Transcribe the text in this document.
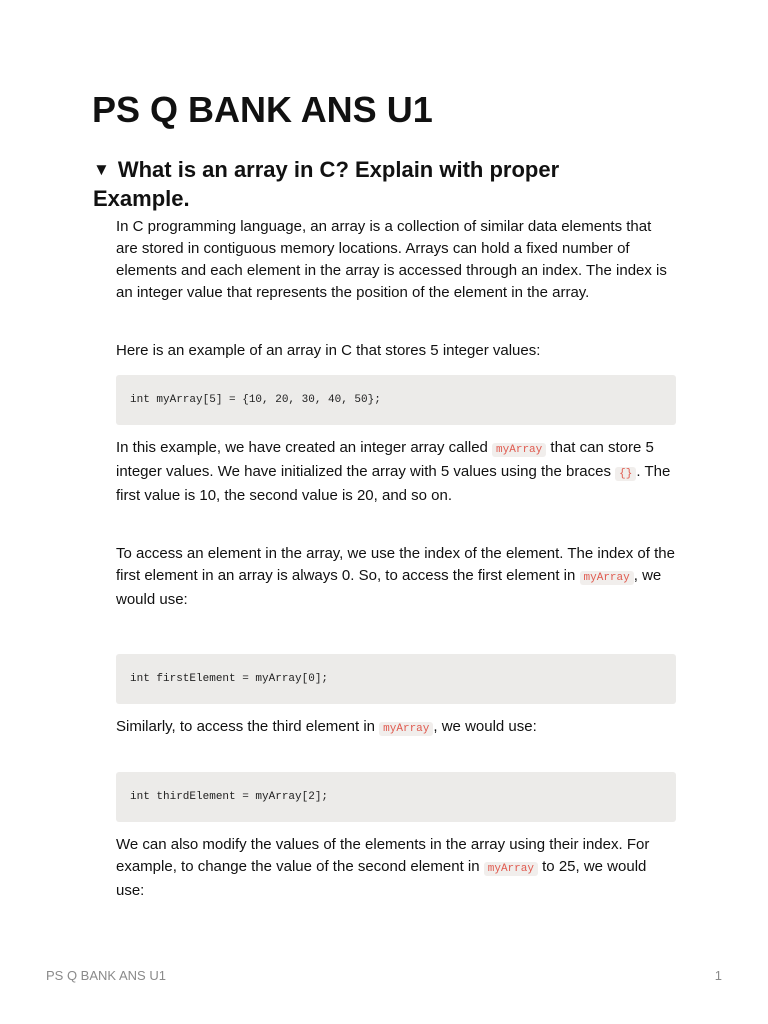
PS Q BANK ANS U1
▼ What is an array in C? Explain with proper Example.

In C programming language, an array is a collection of similar data elements that are stored in contiguous memory locations. Arrays can hold a fixed number of elements and each element in the array is accessed through an index. The index is an integer value that represents the position of the element in the array.

Here is an example of an array in C that stores 5 integer values:

int myArray[5] = {10, 20, 30, 40, 50};

In this example, we have created an integer array called myArray that can store 5 integer values. We have initialized the array with 5 values using the braces {} . The first value is 10, the second value is 20, and so on.

To access an element in the array, we use the index of the element. The index of the first element in an array is always 0. So, to access the first element in myArray , we would use:

int firstElement = myArray[0];

Similarly, to access the third element in myArray , we would use:

int thirdElement = myArray[2];

We can also modify the values of the elements in the array using their index. For example, to change the value of the second element in myArray to 25, we would use:

PS Q BANK ANS U1	1
